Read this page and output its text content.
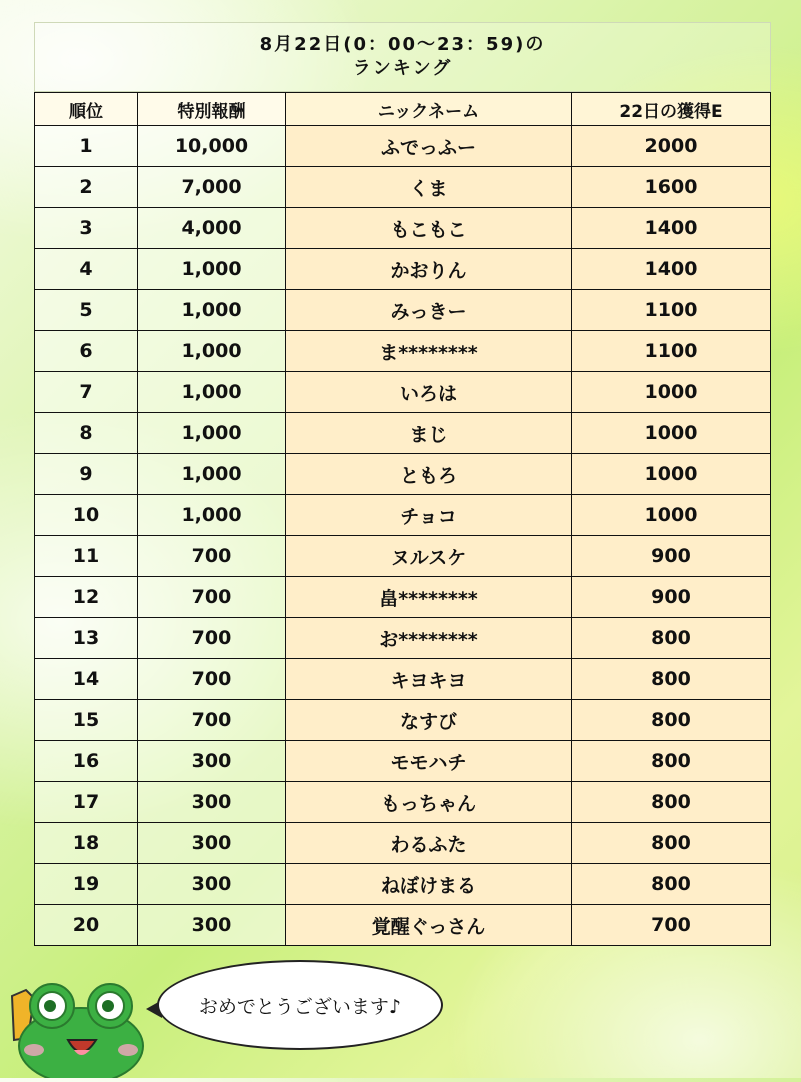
8月22日(0：00～23：59)の
ランキング
順位	特別報酬	ニックネーム	22日の獲得E
1	10,000	ふでっふー	2000
2	7,000	くま	1600
3	4,000	もこもこ	1400
4	1,000	かおりん	1400
5	1,000	みっきー	1100
6	1,000	ま********	1100
7	1,000	いろは	1000
8	1,000	まじ	1000
9	1,000	ともろ	1000
10	1,000	チョコ	1000
11	700	ヌルスケ	900
12	700	畠********	900
13	700	お********	800
14	700	キヨキヨ	800
15	700	なすび	800
16	300	モモハチ	800
17	300	もっちゃん	800
18	300	わるふた	800
19	300	ねぼけまる	800
20	300	覚醒ぐっさん	700
おめでとうございます♪
